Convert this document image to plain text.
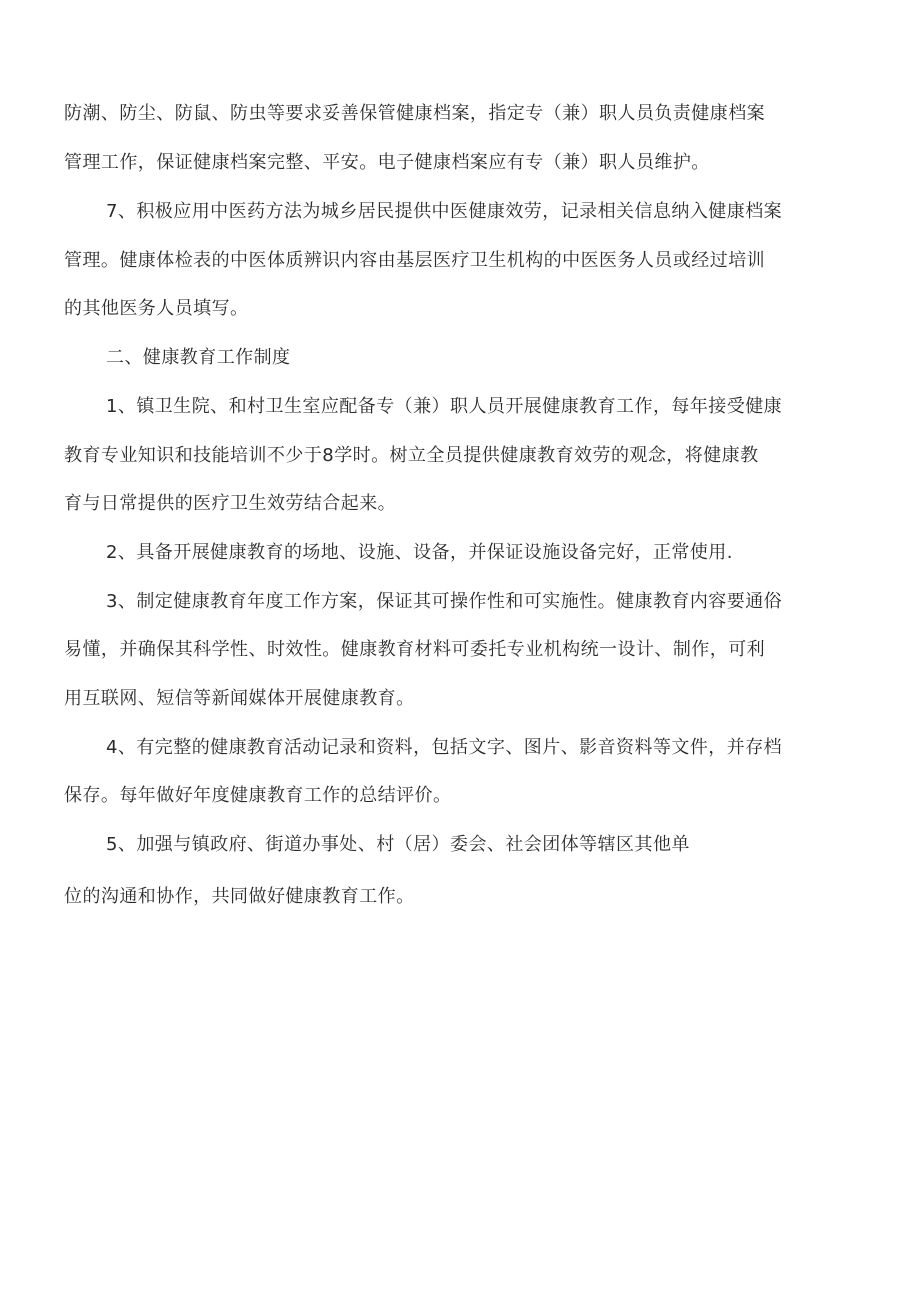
防潮、防尘、防鼠、防虫等要求妥善保管健康档案，指定专（兼）职人员负责健康档案
管理工作，保证健康档案完整、平安。电子健康档案应有专（兼）职人员维护。
7、积极应用中医药方法为城乡居民提供中医健康效劳，记录相关信息纳入健康档案
管理。健康体检表的中医体质辨识内容由基层医疗卫生机构的中医医务人员或经过培训
的其他医务人员填写。
二、健康教育工作制度
1、镇卫生院、和村卫生室应配备专（兼）职人员开展健康教育工作，每年接受健康
教育专业知识和技能培训不少于8学时。树立全员提供健康教育效劳的观念，将健康教
育与日常提供的医疗卫生效劳结合起来。
2、具备开展健康教育的场地、设施、设备，并保证设施设备完好，正常使用.
3、制定健康教育年度工作方案，保证其可操作性和可实施性。健康教育内容要通俗
易懂，并确保其科学性、时效性。健康教育材料可委托专业机构统一设计、制作，可利
用互联网、短信等新闻媒体开展健康教育。
4、有完整的健康教育活动记录和资料，包括文字、图片、影音资料等文件，并存档
保存。每年做好年度健康教育工作的总结评价。
5、加强与镇政府、街道办事处、村（居）委会、社会团体等辖区其他单
位的沟通和协作，共同做好健康教育工作。
